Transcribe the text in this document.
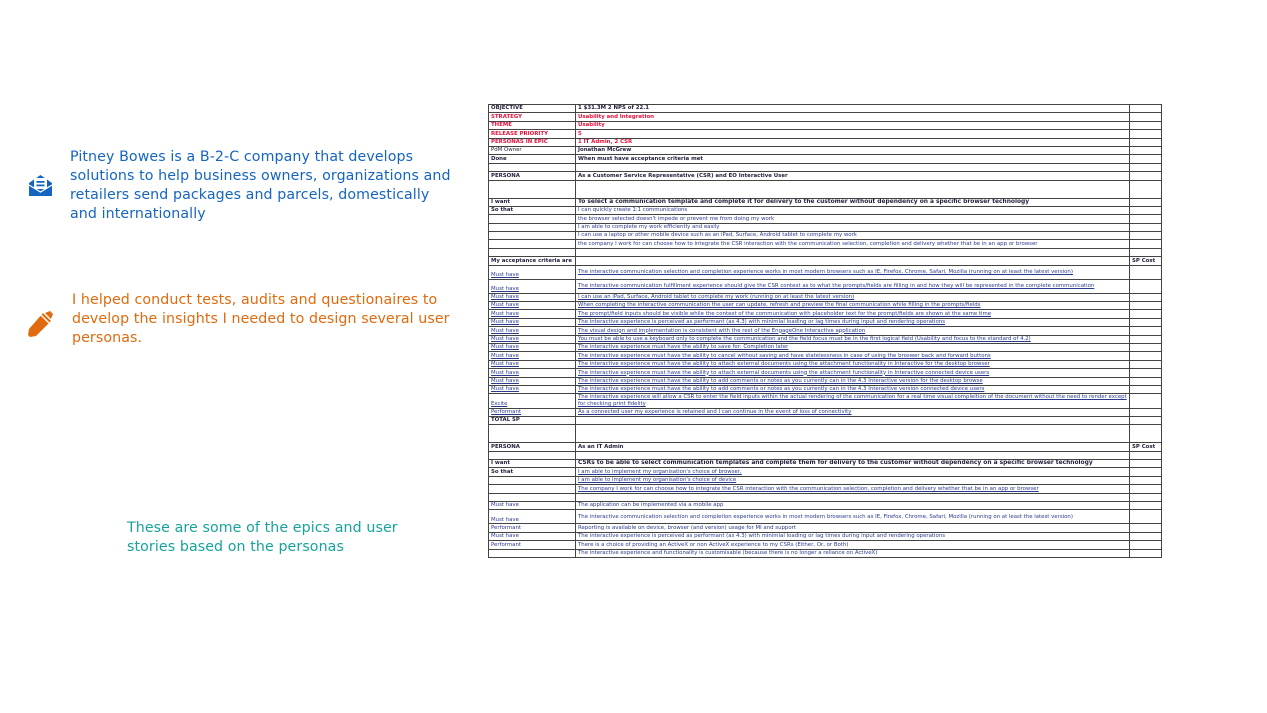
Pitney Bowes is a B-2-C company that develops solutions to help business owners, organizations and retailers send packages and parcels, domestically and internationally
I helped conduct tests, audits and questionaires to develop the insights I needed to design several user personas.
These are some of the epics and user stories based on the personas
OBJECTIVE	1 $31.3M 2 NPS of 22.1	
STRATEGY	Usability and Integration	
THEME	Usability	
RELEASE PRIORITY	5	
PERSONAS IN EPIC	1 IT Admin, 2 CSR	
PdM Owner	Jonathan McGrew	
Done	When must have acceptance criteria met	

PERSONA	As a Customer Service Representative (CSR) and EO Interactive User	

I want	To select a communication template and complete it for delivery to the customer without dependency on a specific browser technology	
So that	I can quickly create 1:1 communications	
	the browser selected doesn't impede or prevent me from doing my work	
	I am able to complete my work efficiently and easily	
	I can use a laptop or other mobile device such as an iPad, Surface, Android tablet to complete my work	
	the company I work for can choose how to integrate the CSR interaction with the communication selection, completion and delivery whether that be in an app or browser	

My acceptance criteria are		SP Cost
Must have	The interactive communication selection and completion experience works in most modern browsers such as IE, Firefox, Chrome, Safari, Mozilla (running on at least the latest version)	
Must have	The interactive communication fulfillment experience should give the CSR context as to what the prompts/fields are filling in and how they will be represented in the complete communication	
Must have	I can use an iPad, Surface, Android tablet to complete my work (running on at least the latest version)	
Must have	When completing the interactive communication the user can update, refresh and preview the final communication while filling in the prompts/fields	
Must have	The prompt/field inputs should be visible while the context of the communication with placeholder text for the prompt/fields are shown at the same time	
Must have	The interactive experience is perceived as performant (as 4.3) with minimial loading or lag times during input and rendering operations	
Must have	The visual design and implementation is consistent with the rest of the EngageOne Interactive application	
Must have	You must be able to use a keyboard only to complete the communication and the field focus must be in the first logical field (Usability and focus to the standard of 4.2)	
Must have	The interactive experience must have the ability to save for: Completion later	
Must have	The interactive experience must have the ability to cancel without saving and have statelessness in case of using the broswer back and forward buttons	
Must have	The interactive experience must have the ability to attach external documents using the attachment functionality in Interactive for the desktop browser	
Must have	The interactive experience must have the ability to attach external documents using the attachment functionality in Interactive connected device users	
Must have	The interactive experience must have the ability to add comments or notes as you currently can in the 4.3 Interactive version for the desktop browse	
Must have	The interactive experience must have the ability to add comments or notes as you currently can in the 4.3 Interactive version connected device users	
Excite	The interactive experience will allow a CSR to enter the field inputs within the actual rendering of the communication for a real time visual compleition of the document without the need to render except for checking print fidelity	
Performant	As a connected user my experience is retained and I can continue in the event of loss of connectivity	
TOTAL SP		

PERSONA	As an IT Admin	SP Cost

I want	CSRs to be able to select communication templates and complete them for delivery to the customer without dependency on a specific browser technology	
So that	I am able to implement my organisation's choice of browser,	
	I am able to implement my organisation's choice of device	
	The company I work for can choose how to integrate the CSR interaction with the communication selection, completion and delivery whether that be in an app or browser	

Must have	The application can be implemented via a mobile app	
Must have	The interactive communication selection and completion experience works in most modern browsers such as IE, Firefox, Chrome, Safari, Mozilla (running on at least the latest version)	
Performant	Reporting is available on device, browser (and version) usage for MI and support	
Must have	The interactive experience is perceived as performant (as 4.3) with minimial loading or lag times during input and rendering operations	
Performant	There is a choice of providing an ActiveX or non ActiveX experience to my CSRs (Either, Or, or Both)	
	The interactive experience and functionality is customisable (because there is no longer a reliance on ActiveX)	
